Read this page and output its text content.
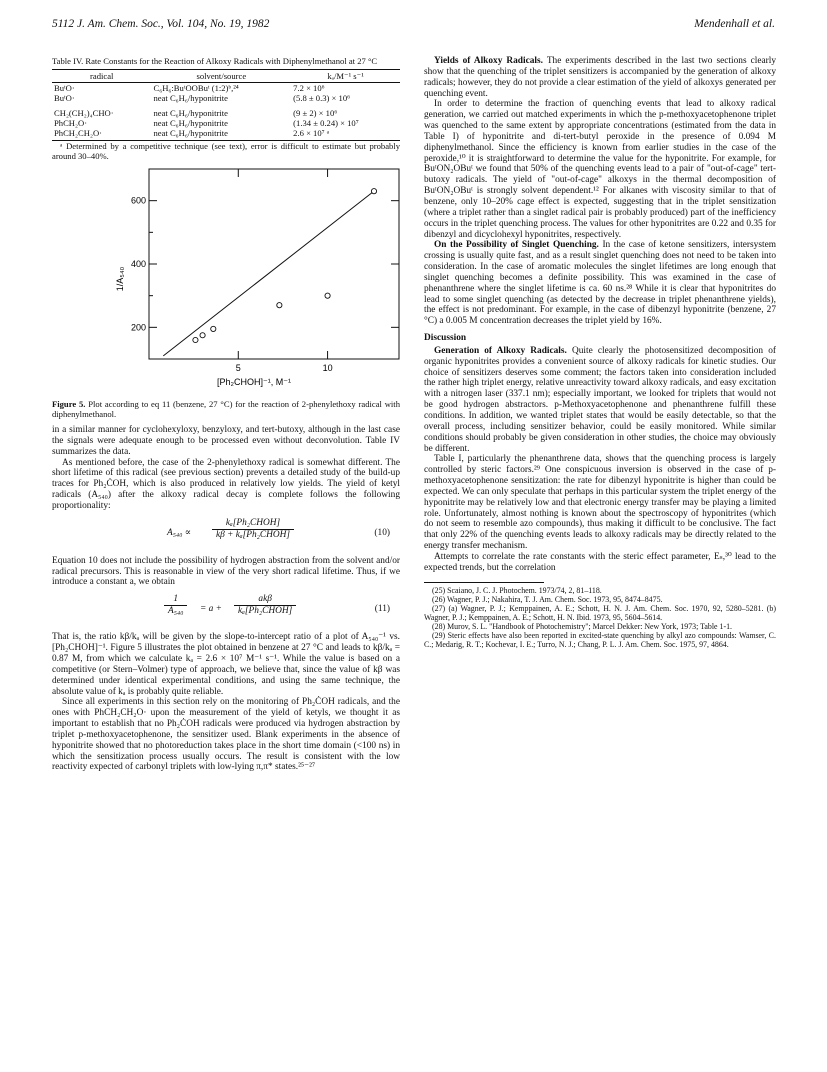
5112 J. Am. Chem. Soc., Vol. 104, No. 19, 1982	Mendenhall et al.
Table IV. Rate Constants for the Reaction of Alkoxy Radicals with Diphenylmethanol at 27 °C
radical	solvent/source	kₐ/M⁻¹ s⁻¹
BuᵗO·	C₆H₆:BuᵗOOBuᵗ (1:2)ᵇ,²⁴	7.2 × 10⁶
BuᵗO·	neat C₆H₆/hyponitrite	(5.8 ± 0.3) × 10⁶
CH₂(CH₂)₄CHO·	neat C₆H₆/hyponitrite	(9 ± 2) × 10⁶
PhCH₂O·	neat C₆H₆/hyponitrite	(1.34 ± 0.24) × 10⁷
PhCH₂CH₂O·	neat C₆H₆/hyponitrite	2.6 × 10⁷ ᵃ
ᵃ Determined by a competitive technique (see text), error is difficult to estimate but probably around 30–40%.
200
400
600
5	10
[Ph₂CHOH]⁻¹, M⁻¹
1/A₅₄₀
Figure 5. Plot according to eq 11 (benzene, 27 °C) for the reaction of 2-phenylethoxy radical with diphenylmethanol.

in a similar manner for cyclohexyloxy, benzyloxy, and tert-butoxy, although in the last case the signals were adequate enough to be processed even without deconvolution. Table IV summarizes the data.

As mentioned before, the case of the 2-phenylethoxy radical is somewhat different. The short lifetime of this radical (see previous section) prevents a detailed study of the build-up traces for Ph₂ĊOH, which is also produced in relatively low yields. The yield of ketyl radicals (A₅₄₀) after the alkoxy radical decay is complete follows the following proportionality:

A₅₄₀ ∝
kₐ[Ph₂CHOH]
kβ + kₐ[Ph₂CHOH]	(10)

Equation 10 does not include the possibility of hydrogen abstraction from the solvent and/or radical precursors. This is reasonable in view of the very short radical lifetime. Thus, if we introduce a constant a, we obtain

$\frac{1}{\text{A₅₄₀}} = a$ +
akβ
kₐ[Ph₂CHOH]	(11)

That is, the ratio kβ/kₐ will be given by the slope-to-intercept ratio of a plot of A₅₄₀⁻¹ vs. [Ph₂CHOH]⁻¹. Figure 5 illustrates the plot obtained in benzene at 27 °C and leads to kβ/kₐ = 0.87 M, from which we calculate kₐ = 2.6 × 10⁷ M⁻¹ s⁻¹. While the value is based on a competitive (or Stern–Volmer) type of approach, we believe that, since the value of kβ was determined under identical experimental conditions, and using the same technique, the absolute value of kₐ is probably quite reliable.

Since all experiments in this section rely on the monitoring of Ph₂ĊOH radicals, and the ones with PhCH₂CH₂O· upon the measurement of the yield of ketyls, we thought it as important to establish that no Ph₂ĊOH radicals were produced via hydrogen abstraction by triplet p-methoxyacetophenone, the sensitizer used. Blank experiments in the absence of hyponitrite showed that no photoreduction takes place in the short time domain (<100 ns) in which the sensitization process usually occurs. The result is consistent with the low reactivity expected of carbonyl triplets with low-lying π,π* states.²⁵⁻²⁷

Yields of Alkoxy Radicals. The experiments described in the last two sections clearly show that the quenching of the triplet sensitizers is accompanied by the generation of alkoxy radicals; however, they do not provide a clear estimation of the yield of alkoxys generated per quenching event.

In order to determine the fraction of quenching events that lead to alkoxy radical generation, we carried out matched experiments in which the p-methoxyacetophenone triplet was quenched to the same extent by appropriate concentrations (estimated from the data in Table I) of hyponitrite and di-tert-butyl peroxide in the presence of 0.094 M diphenylmethanol. Since the efficiency is known from earlier studies in the case of the peroxide,¹⁰ it is straightforward to determine the value for the hyponitrite. For example, for BuᵗON₂OBuᵗ we found that 50% of the quenching events lead to a pair of "out-of-cage" tert-butoxy radicals. The yield of "out-of-cage" alkoxys in the thermal decomposition of BuᵗON₂OBuᵗ is strongly solvent dependent.¹² For alkanes with viscosity similar to that of benzene, only 10–20% cage effect is expected, suggesting that in the triplet sensitization (where a triplet rather than a singlet radical pair is probably produced) part of the inefficiency occurs in the triplet quenching process. The values for other hyponitrites are 0.22 and 0.35 for dibenzyl and dicyclohexyl hyponitrites, respectively.

On the Possibility of Singlet Quenching. In the case of ketone sensitizers, intersystem crossing is usually quite fast, and as a result singlet quenching does not need to be taken into consideration. In the case of aromatic molecules the singlet lifetimes are long enough that singlet quenching becomes a definite possibility. This was examined in the case of phenanthrene where the singlet lifetime is ca. 60 ns.²⁸ While it is clear that hyponitrites do lead to some singlet quenching (as detected by the decrease in triplet phenanthrene yields), the effect is not predominant. For example, in the case of dibenzyl hyponitrite (benzene, 27 °C) a 0.005 M concentration decreases the triplet yield by 16%.

Discussion

Generation of Alkoxy Radicals. Quite clearly the photosensitized decomposition of organic hyponitrites provides a convenient source of alkoxy radicals for kinetic studies. Our choice of sensitizers deserves some comment; the factors taken into consideration included the rather high triplet energy, relative unreactivity toward alkoxy radicals, and easy excitation with a nitrogen laser (337.1 nm); especially important, we looked for triplets that would not be good hydrogen abstractors. p-Methoxyacetophenone and phenanthrene fulfill these conditions. In addition, we wanted triplet states that would be easily detectable, so that the overall process, including sensitizer behavior, could be easily monitored. While similar conditions should probably be given consideration in other studies, the choice may obviously be different.

Table I, particularly the phenanthrene data, shows that the quenching process is largely controlled by steric factors.²⁹ One conspicuous inversion is observed in the case of p-methoxyacetophenone sensitization: the rate for dibenzyl hyponitrite is higher than could be expected. We can only speculate that perhaps in this particular system the triplet energy of the hyponitrite may be relatively low and that electronic energy transfer may be playing a limited role. Unfortunately, almost nothing is known about the spectroscopy of hyponitrites (which do not seem to resemble azo compounds), thus making it difficult to be conclusive. The fact that only 22% of the quenching events leads to alkoxy radicals may be directly related to the energy transfer mechanism.

Attempts to correlate the rate constants with the steric effect parameter, Eₛ,³⁰ lead to the expected trends, but the correlation

(25) Scaiano, J. C. J. Photochem. 1973/74, 2, 81–118.
(26) Wagner, P. J.; Nakahira, T. J. Am. Chem. Soc. 1973, 95, 8474–8475.
(27) (a) Wagner, P. J.; Kemppainen, A. E.; Schott, H. N. J. Am. Chem. Soc. 1970, 92, 5280–5281. (b) Wagner, P. J.; Kemppainen, A. E.; Schott, H. N. Ibid. 1973, 95, 5604–5614.
(28) Murov, S. L. "Handbook of Photochemistry"; Marcel Dekker: New York, 1973; Table 1-1.
(29) Steric effects have also been reported in excited-state quenching by alkyl azo compounds: Wamser, C. C.; Medarig, R. T.; Kochevar, I. E.; Turro, N. J.; Chang, P. L. J. Am. Chem. Soc. 1975, 97, 4864.
